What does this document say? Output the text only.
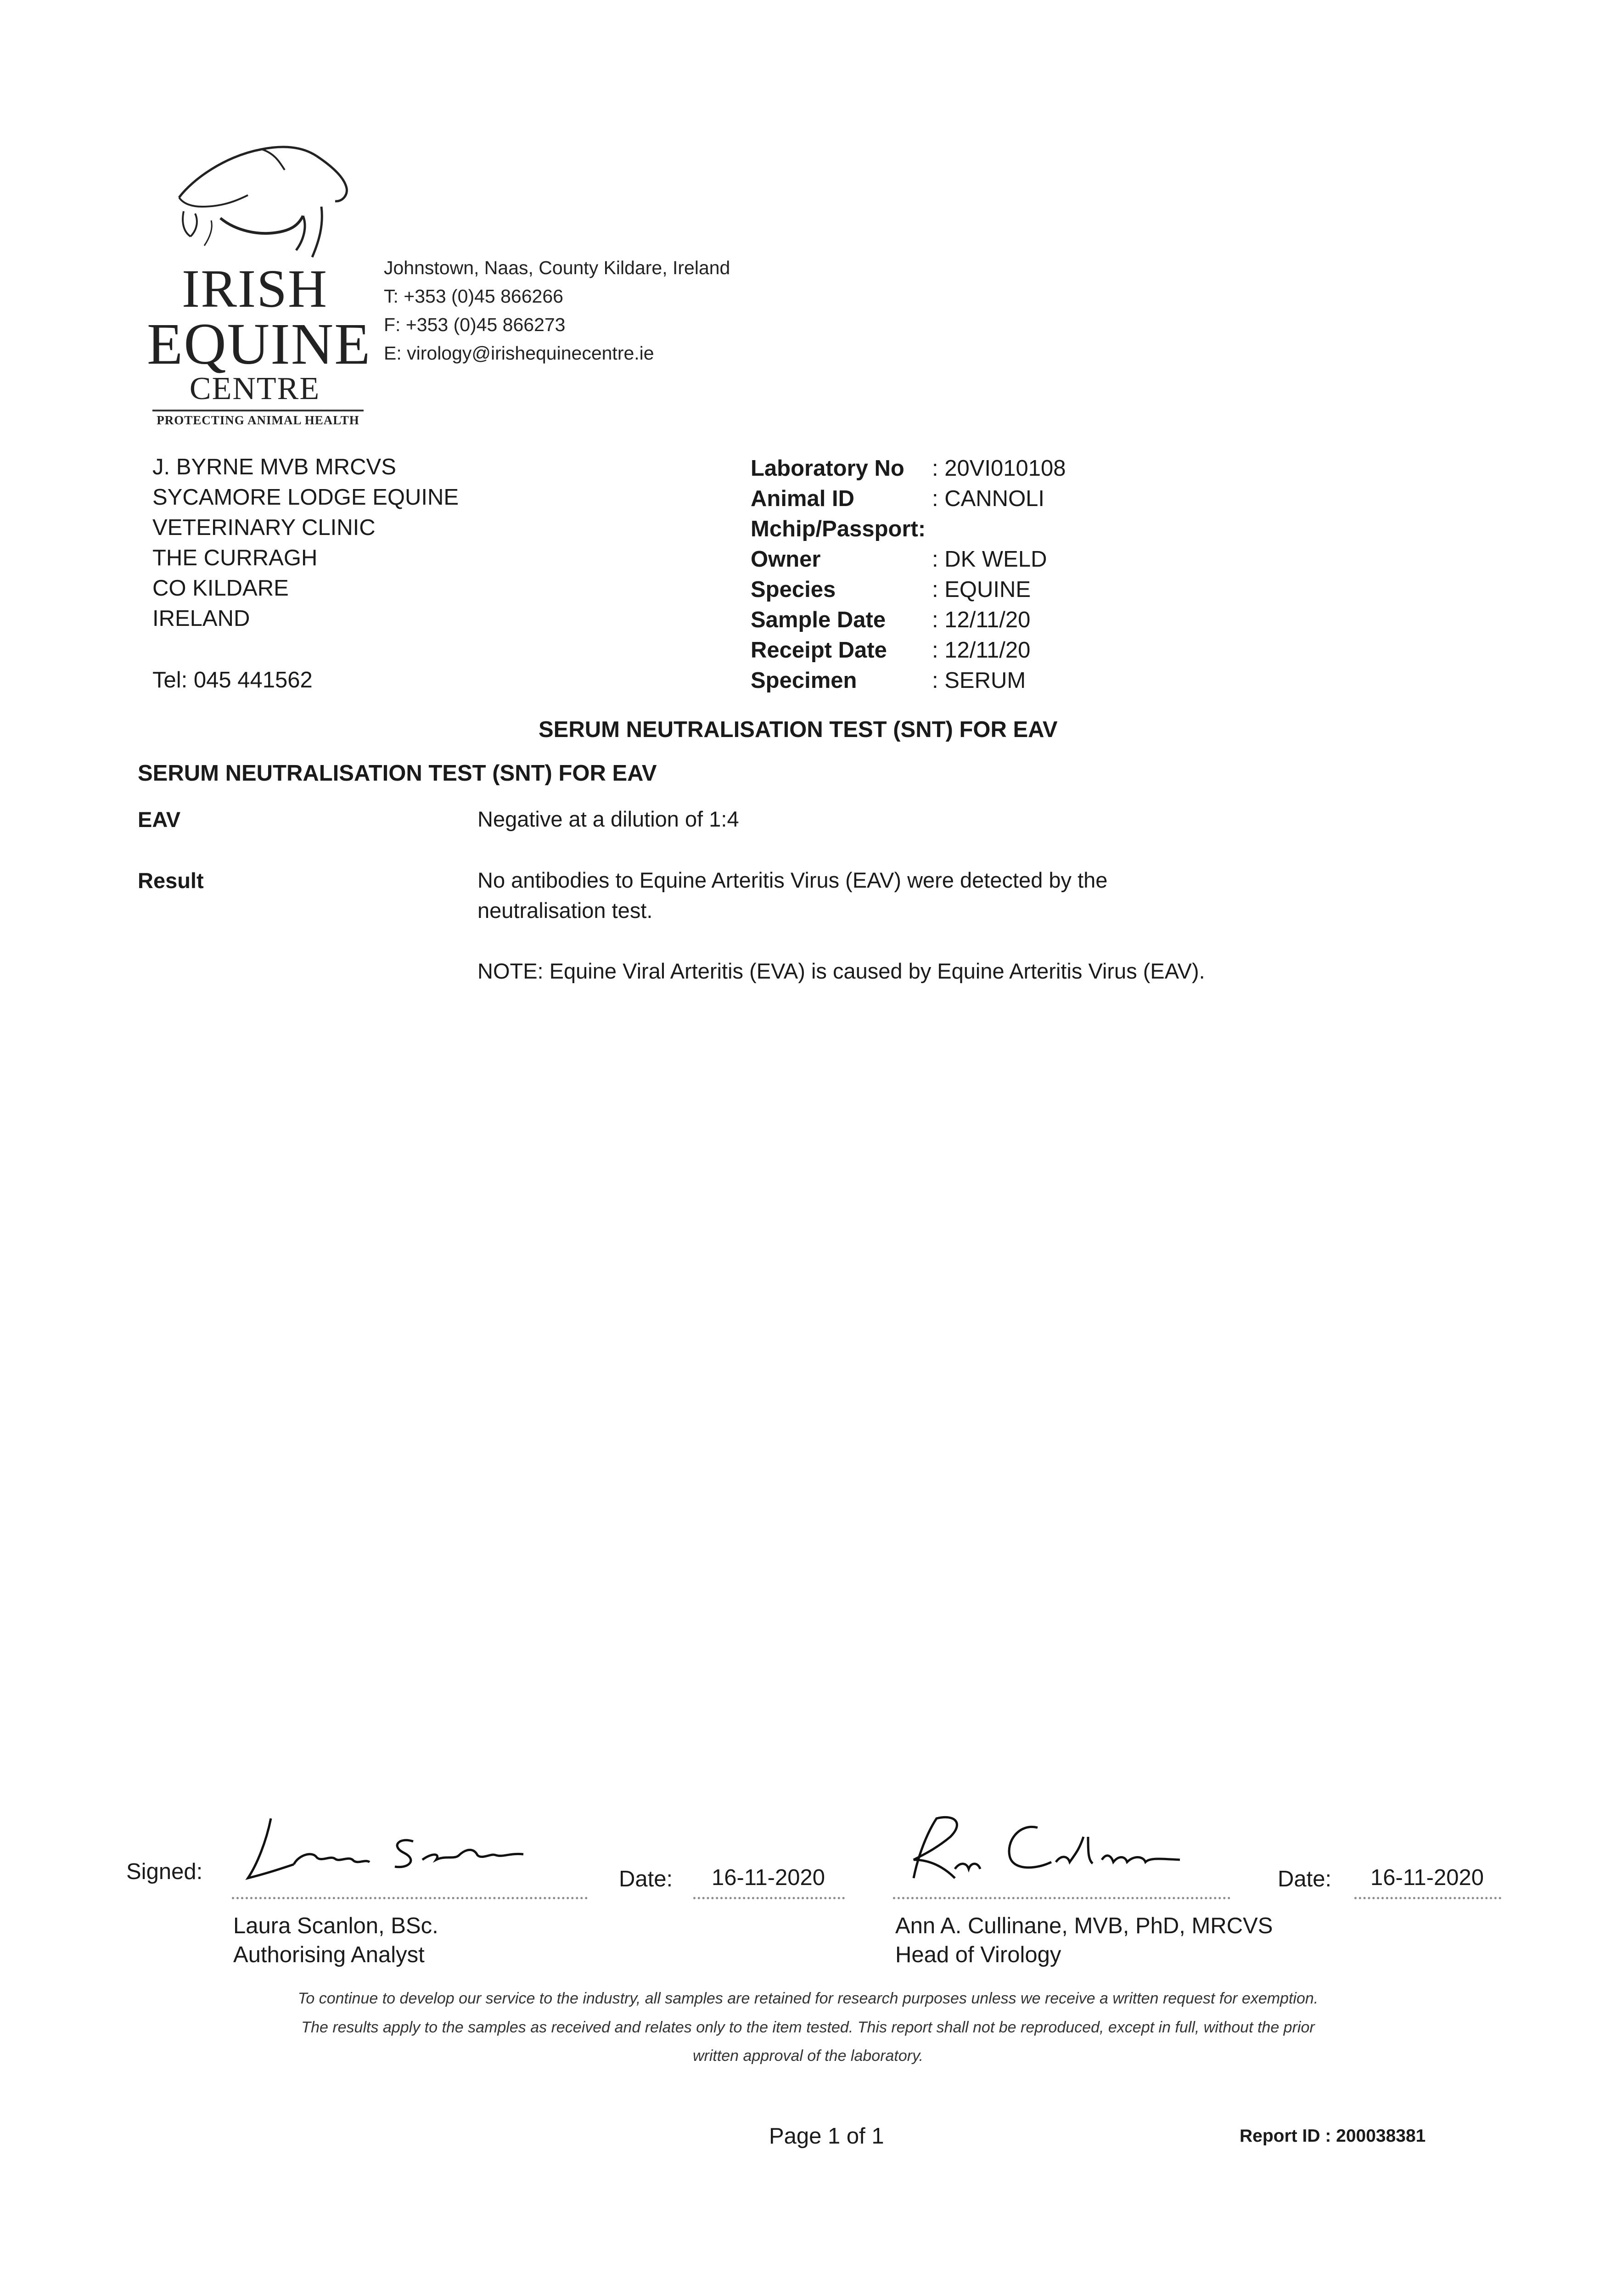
IRISH
EQUINE
CENTRE
PROTECTING ANIMAL HEALTH
Johnstown, Naas, County Kildare, Ireland
T: +353 (0)45 866266
F: +353 (0)45 866273
E: virology@irishequinecentre.ie
J. BYRNE MVB MRCVS
SYCAMORE LODGE EQUINE
VETERINARY CLINIC
THE CURRAGH
CO KILDARE
IRELAND
Tel: 045 441562
Laboratory No : 20VI010108
Animal ID	: CANNOLI
Mchip/Passport:
Owner	: DK WELD
Species	: EQUINE
Sample Date : 12/11/20
Receipt Date : 12/11/20
Specimen	: SERUM
SERUM NEUTRALISATION TEST (SNT) FOR EAV
SERUM NEUTRALISATION TEST (SNT) FOR EAV
EAV	Negative at a dilution of 1:4
Result	No antibodies to Equine Arteritis Virus (EAV) were detected by the neutralisation test.
NOTE: Equine Viral Arteritis (EVA) is caused by Equine Arteritis Virus (EAV).
Signed:	Date: 16-11-2020
Laura Scanlon, BSc.
Authorising Analyst
Date: 16-11-2020
Ann A. Cullinane, MVB, PhD, MRCVS
Head of Virology
To continue to develop our service to the industry, all samples are retained for research purposes unless we receive a written request for exemption.
The results apply to the samples as received and relates only to the item tested. This report shall not be reproduced, except in full, without the prior
written approval of the laboratory.
Page 1 of 1	Report ID : 200038381
